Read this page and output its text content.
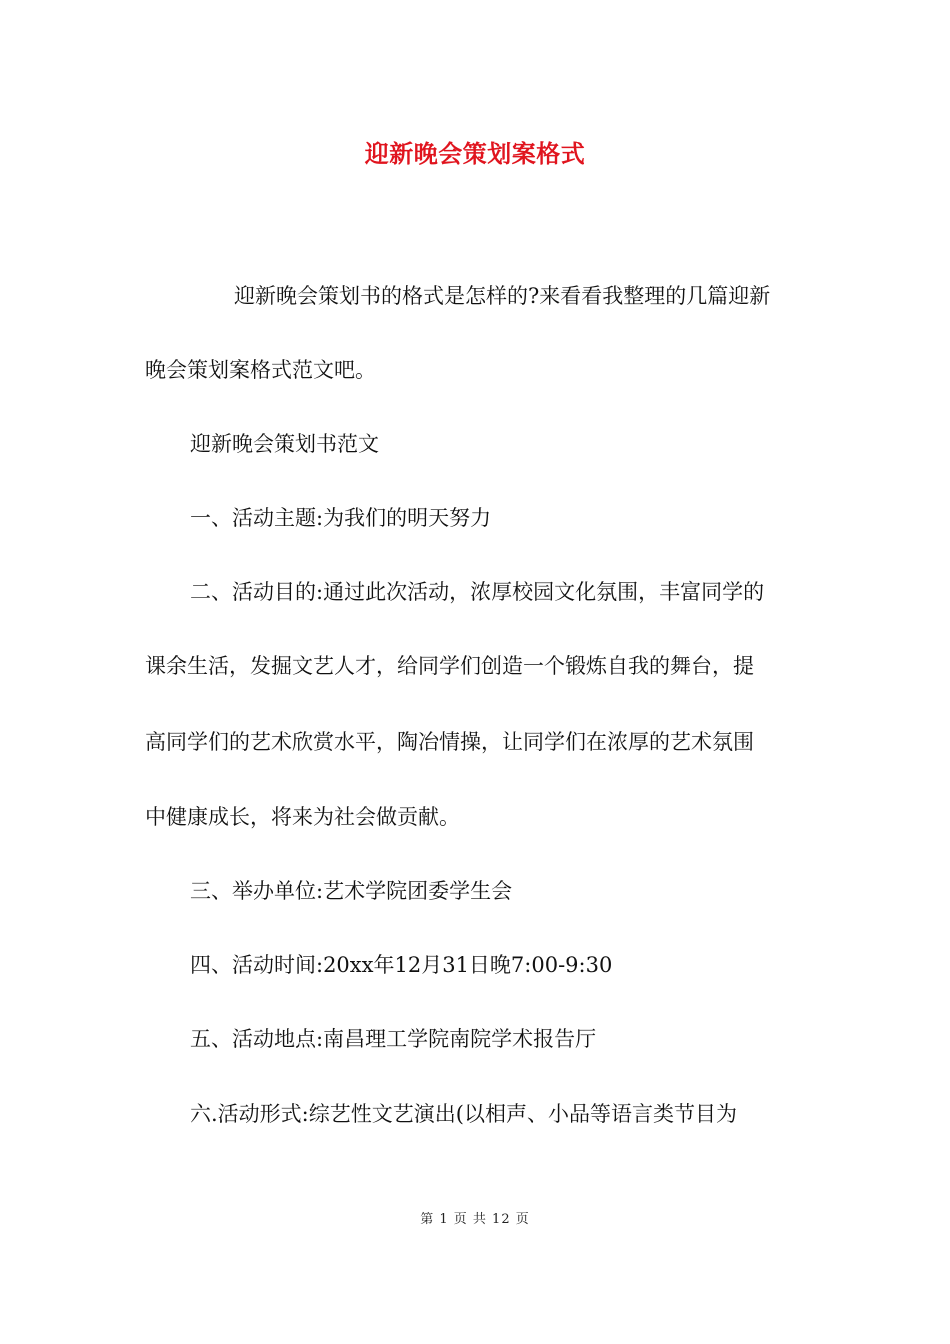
迎新晚会策划案格式
迎新晚会策划书的格式是怎样的?来看看我整理的几篇迎新
晚会策划案格式范文吧。
迎新晚会策划书范文
一、活动主题:为我们的明天努力
二、活动目的:通过此次活动，浓厚校园文化氛围，丰富同学的
课余生活，发掘文艺人才，给同学们创造一个锻炼自我的舞台，提
高同学们的艺术欣赏水平，陶冶情操，让同学们在浓厚的艺术氛围
中健康成长，将来为社会做贡献。
三、举办单位:艺术学院团委学生会
四、活动时间:20xx年12月31日晚7:00-9:30
五、活动地点:南昌理工学院南院学术报告厅
六.活动形式:综艺性文艺演出(以相声、小品等语言类节目为
第 1 页 共 12 页
